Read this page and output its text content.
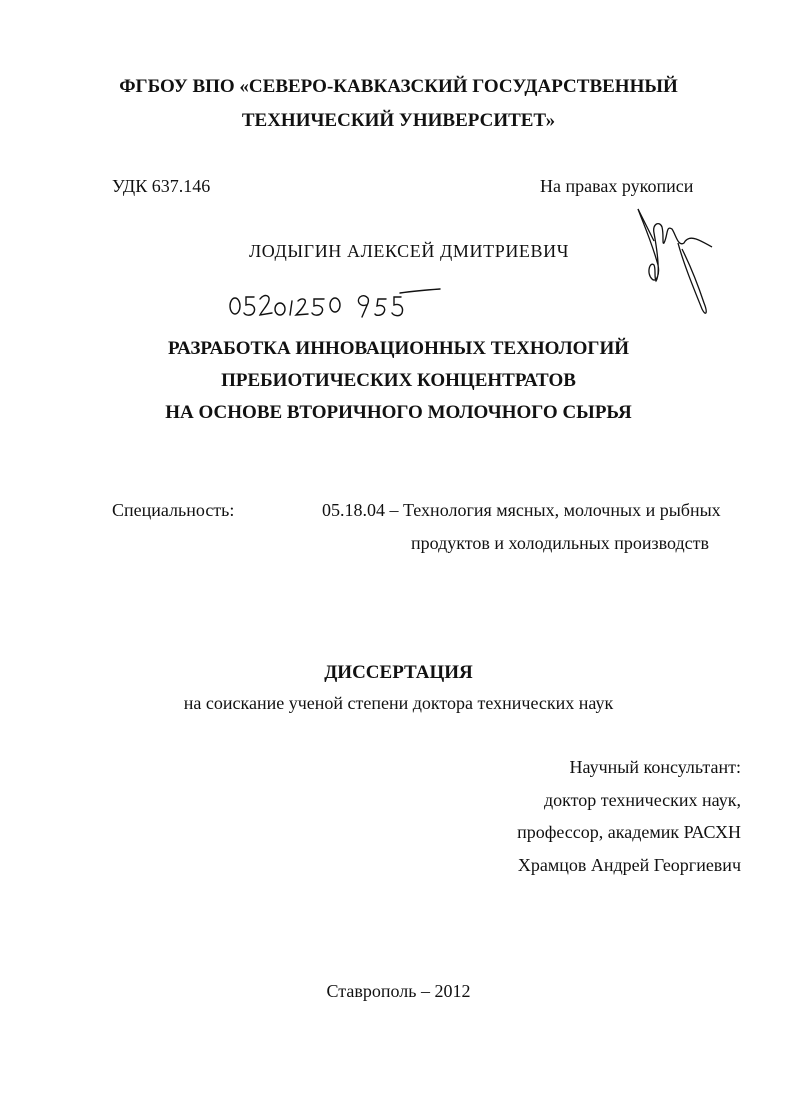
ФГБОУ ВПО «СЕВЕРО-КАВКАЗСКИЙ ГОСУДАРСТВЕННЫЙ
ТЕХНИЧЕСКИЙ УНИВЕРСИТЕТ»
УДК 637.146	На правах рукописи
ЛОДЫГИН АЛЕКСЕЙ ДМИТРИЕВИЧ
РАЗРАБОТКА ИННОВАЦИОННЫХ ТЕХНОЛОГИЙ
ПРЕБИОТИЧЕСКИХ КОНЦЕНТРАТОВ
НА ОСНОВЕ ВТОРИЧНОГО МОЛОЧНОГО СЫРЬЯ
Специальность:	05.18.04 – Технология мясных, молочных и рыбных
продуктов и холодильных производств
ДИССЕРТАЦИЯ
на соискание ученой степени доктора технических наук
Научный консультант:
доктор технических наук,
профессор, академик РАСХН
Храмцов Андрей Георгиевич
Ставрополь – 2012
